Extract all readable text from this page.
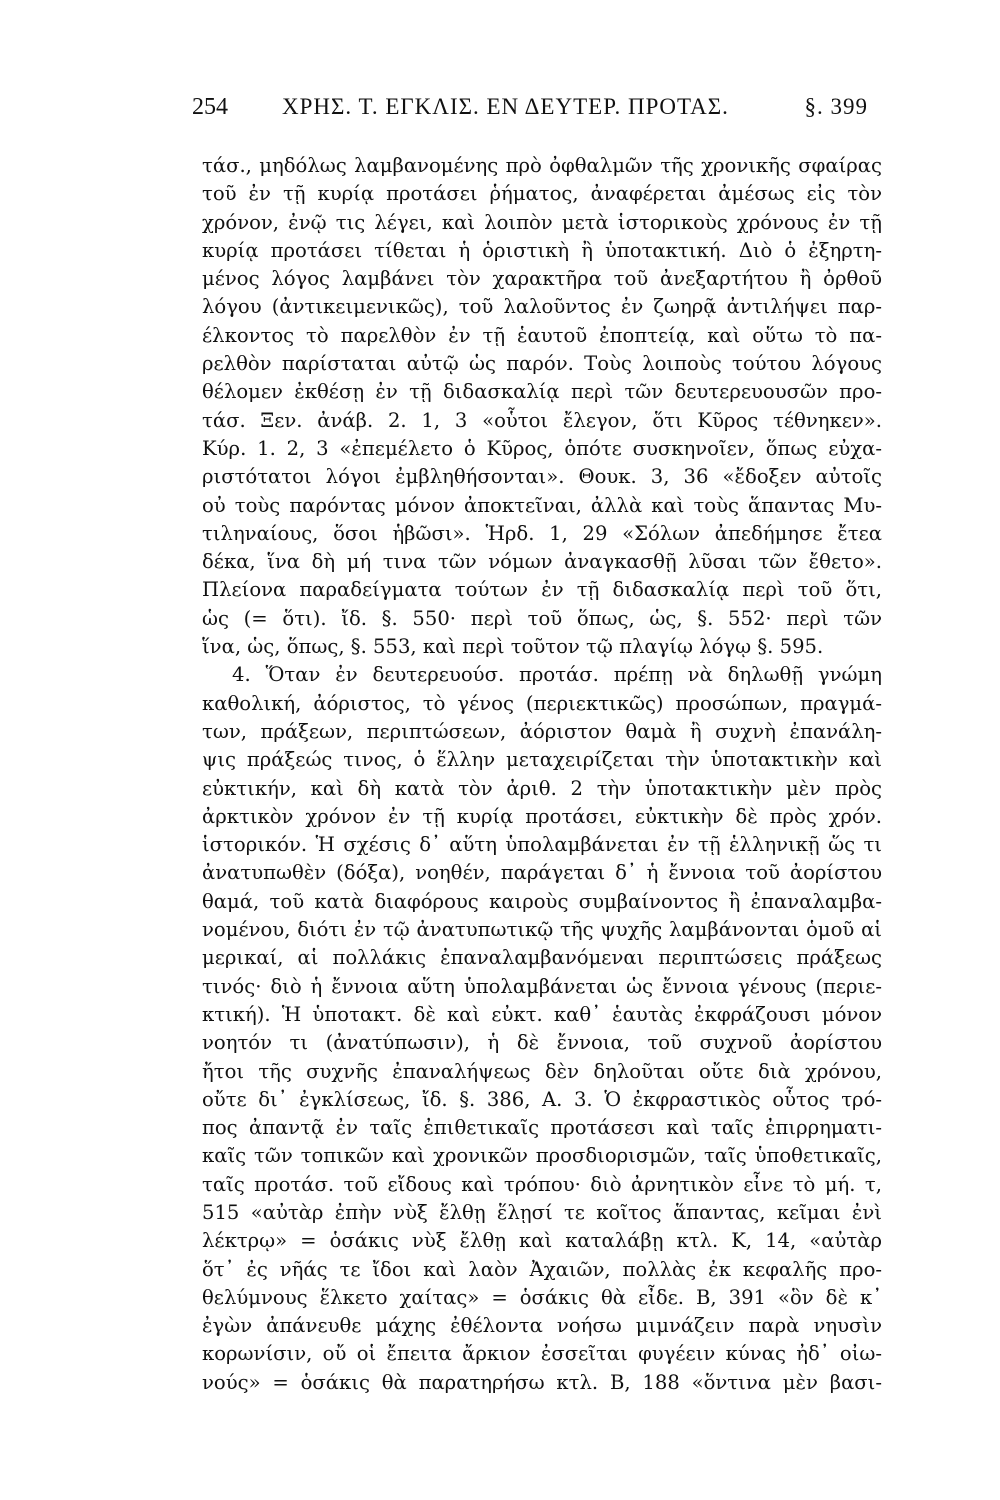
254 ΧΡΗΣ. Τ. ΕΓΚΛΙΣ. ΕΝ ΔΕΥΤΕΡ. ΠΡΟΤΑΣ.	§. 399
τάσ., μηδόλως λαμβανομένης πρὸ ὀφθαλμῶν τῆς χρονικῆς σφαίρας
τοῦ ἐν τῇ κυρίᾳ προτάσει ῥήματος, ἀναφέρεται ἀμέσως εἰς τὸν
χρόνον, ἐνῷ τις λέγει, καὶ λοιπὸν μετὰ ἱστορικοὺς χρόνους ἐν τῇ
κυρίᾳ προτάσει τίθεται ἡ ὁριστικὴ ἢ ὑποτακτική. Διὸ ὁ ἐξηρτη-
μένος λόγος λαμβάνει τὸν χαρακτῆρα τοῦ ἀνεξαρτήτου ἢ ὀρθοῦ
λόγου (ἀντικειμενικῶς), τοῦ λαλοῦντος ἐν ζωηρᾷ ἀντιλήψει παρ-
έλκοντος τὸ παρελθὸν ἐν τῇ ἑαυτοῦ ἐποπτείᾳ, καὶ οὕτω τὸ πα-
ρελθὸν παρίσταται αὐτῷ ὡς παρόν. Τοὺς λοιποὺς τούτου λόγους
θέλομεν ἐκθέσῃ ἐν τῇ διδασκαλίᾳ περὶ τῶν δευτερευουσῶν προ-
τάσ. Ξεν. ἀνάβ. 2. 1, 3 «οὗτοι ἔλεγον, ὅτι Κῦρος τέθνηκεν».
Κύρ. 1. 2, 3 «ἐπεμέλετο ὁ Κῦρος, ὁπότε συσκηνοῖεν, ὅπως εὐχα-
ριστότατοι λόγοι ἐμβληθήσονται». Θουκ. 3, 36 «ἔδοξεν αὐτοῖς
οὐ τοὺς παρόντας μόνον ἀποκτεῖναι, ἀλλὰ καὶ τοὺς ἅπαντας Μυ-
τιληναίους, ὅσοι ἡβῶσι». Ἡρδ. 1, 29 «Σόλων ἀπεδήμησε ἔτεα
δέκα, ἵνα δὴ μή τινα τῶν νόμων ἀναγκασθῇ λῦσαι τῶν ἔθετο».
Πλείονα παραδείγματα τούτων ἐν τῇ διδασκαλίᾳ περὶ τοῦ ὅτι,
ὡς (= ὅτι). ἴδ. §. 550· περὶ τοῦ ὅπως, ὡς, §. 552· περὶ τῶν
ἵνα, ὡς, ὅπως, §. 553, καὶ περὶ τοῦτον τῷ πλαγίῳ λόγῳ §. 595.
4. Ὅταν ἐν δευτερευούσ. προτάσ. πρέπῃ νὰ δηλωθῇ γνώμη
καθολική, ἀόριστος, τὸ γένος (περιεκτικῶς) προσώπων, πραγμά-
των, πράξεων, περιπτώσεων, ἀόριστον θαμὰ ἢ συχνὴ ἐπανάλη-
ψις πράξεώς τινος, ὁ ἕλλην μεταχειρίζεται τὴν ὑποτακτικὴν καὶ
εὐκτικήν, καὶ δὴ κατὰ τὸν ἀριθ. 2 τὴν ὑποτακτικὴν μὲν πρὸς
ἀρκτικὸν χρόνον ἐν τῇ κυρίᾳ προτάσει, εὐκτικὴν δὲ πρὸς χρόν.
ἱστορικόν. Ἡ σχέσις δ᾽ αὕτη ὑπολαμβάνεται ἐν τῇ ἑλληνικῇ ὥς τι
ἀνατυπωθὲν (δόξα), νοηθέν, παράγεται δ᾽ ἡ ἔννοια τοῦ ἀορίστου
θαμά, τοῦ κατὰ διαφόρους καιροὺς συμβαίνοντος ἢ ἐπαναλαμβα-
νομένου, διότι ἐν τῷ ἀνατυπωτικῷ τῆς ψυχῆς λαμβάνονται ὁμοῦ αἱ
μερικαί, αἱ πολλάκις ἐπαναλαμβανόμεναι περιπτώσεις πράξεως
τινός· διὸ ἡ ἔννοια αὕτη ὑπολαμβάνεται ὡς ἔννοια γένους (περιε-
κτική). Ἡ ὑποτακτ. δὲ καὶ εὐκτ. καθ᾽ ἑαυτὰς ἐκφράζουσι μόνον
νοητόν τι (ἀνατύπωσιν), ἡ δὲ ἔννοια, τοῦ συχνοῦ ἀορίστου
ἤτοι τῆς συχνῆς ἐπαναλήψεως δὲν δηλοῦται οὔτε διὰ χρόνου,
οὔτε δι᾽ ἐγκλίσεως, ἴδ. §. 386, Α. 3. Ὁ ἐκφραστικὸς οὗτος τρό-
πος ἀπαντᾷ ἐν ταῖς ἐπιθετικαῖς προτάσεσι καὶ ταῖς ἐπιρρηματι-
καῖς τῶν τοπικῶν καὶ χρονικῶν προσδιορισμῶν, ταῖς ὑποθετικαῖς,
ταῖς προτάσ. τοῦ εἴδους καὶ τρόπου· διὸ ἀρνητικὸν εἶνε τὸ μή. τ,
515 «αὐτὰρ ἐπὴν νὺξ ἔλθῃ ἕλῃσί τε κοῖτος ἅπαντας, κεῖμαι ἐνὶ
λέκτρῳ» = ὁσάκις νὺξ ἔλθῃ καὶ καταλάβῃ κτλ. Κ, 14, «αὐτὰρ
ὅτ᾽ ἐς νῆάς τε ἴδοι καὶ λαὸν Ἀχαιῶν, πολλὰς ἐκ κεφαλῆς προ-
θελύμνους ἕλκετο χαίτας» = ὁσάκις θὰ εἶδε. Β, 391 «ὃν δὲ κ᾽
ἐγὼν ἀπάνευθε μάχης ἐθέλοντα νοήσω μιμνάζειν παρὰ νηυσὶν
κορωνίσιν, οὔ οἱ ἔπειτα ἄρκιον ἐσσεῖται φυγέειν κύνας ἠδ᾽ οἰω-
νούς» = ὁσάκις θὰ παρατηρήσω κτλ. Β, 188 «ὅντινα μὲν βασι-
